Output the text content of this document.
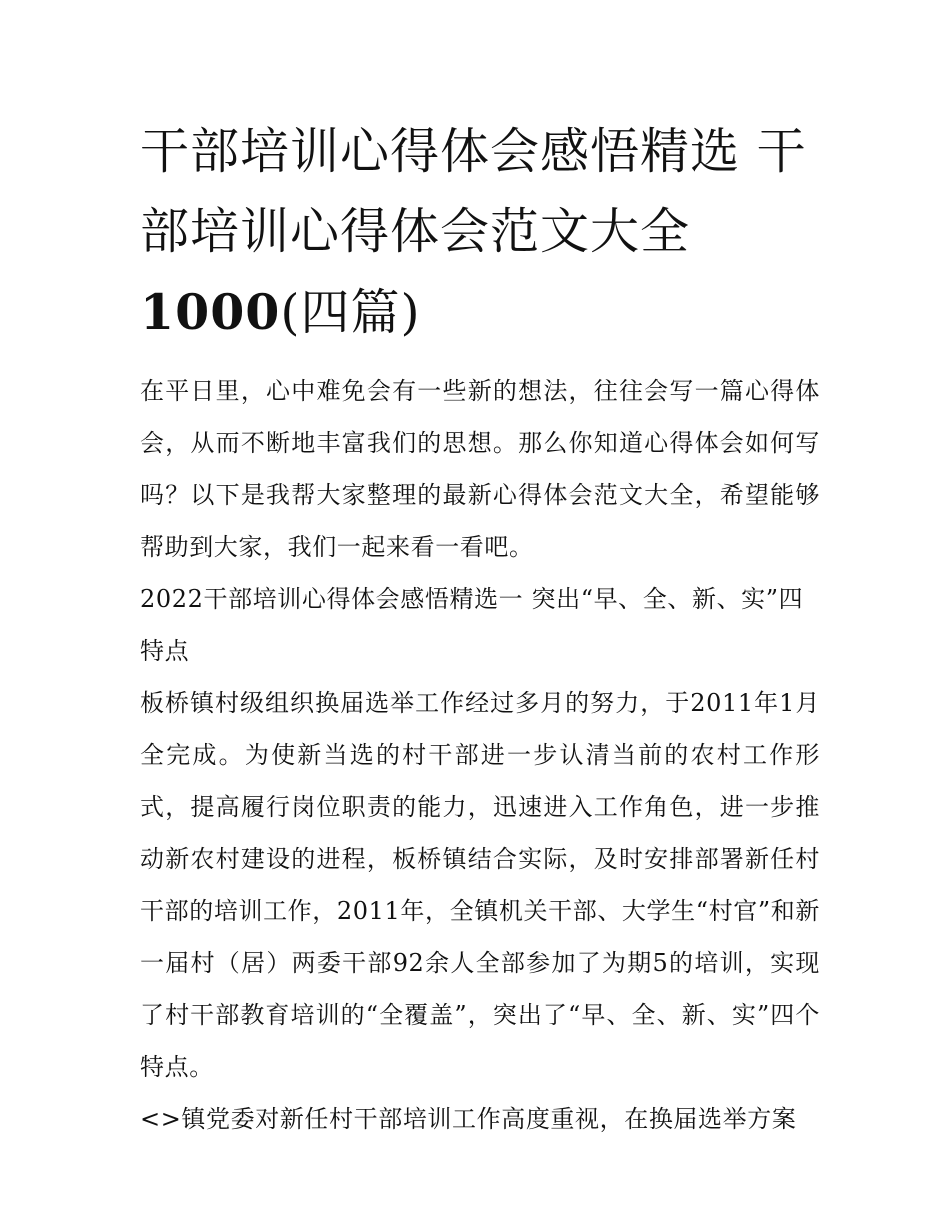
干部培训心得体会感悟精选 干
部培训心得体会范文大全
1000(四篇)

在平日里，心中难免会有一些新的想法，往往会写一篇心得体会，从而不断地丰富我们的思想。那么你知道心得体会如何写吗？以下是我帮大家整理的最新心得体会范文大全，希望能够帮助到大家，我们一起来看一看吧。

2022干部培训心得体会感悟精选一 突出“早、全、新、实”四特点

板桥镇村级组织换届选举工作经过多月的努力，于2011年1月全完成。为使新当选的村干部进一步认清当前的农村工作形式，提高履行岗位职责的能力，迅速进入工作角色，进一步推动新农村建设的进程，板桥镇结合实际，及时安排部署新任村干部的培训工作，2011年，全镇机关干部、大学生“村官”和新一届村（居）两委干部92余人全部参加了为期5的培训，实现了村干部教育培训的“全覆盖”，突出了“早、全、新、实”四个特点。

<>镇党委对新任村干部培训工作高度重视，在换届选举方案
